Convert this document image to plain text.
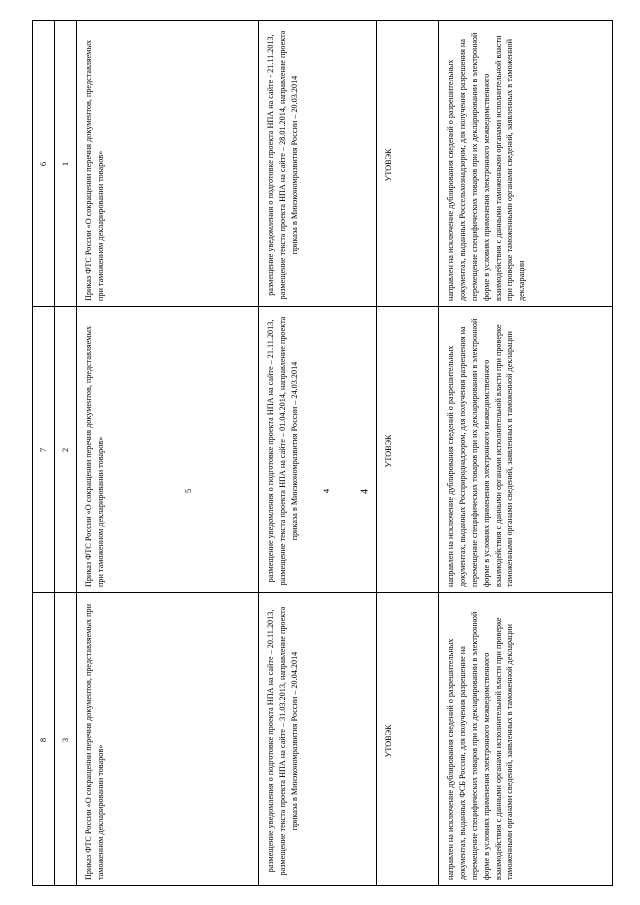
4
6	1	Приказ ФТС России «О сокращении перечня документов, представляемых при таможенном декларировании товаров»	размещение уведомления о подготовке проекта НПА на сайте - 21.11.2013, размещение текста проекта НПА на сайте – 28.01.2014, направление проекта приказа в Минэкономразвития России – 20.03.2014	УТОВЭК	направлен на исключение дублирования сведений о разрешительных документах, выданных Россельхознадзором, для получения разрешения на перемещение специфических товаров при их декларировании в электронной форме в условиях применения электронного межведомственного взаимодействия с данными таможенными органами исполнительной власти при проверке таможенными органами сведений, заявленных в таможенной декларации

7	2	Приказ ФТС России «О сокращении перечня документов, представляемых при таможенном декларировании товаров»	размещение уведомления о подготовке проекта НПА на сайте – 21.11.2013, размещение текста проекта НПА на сайте – 01.04.2014, направление проекта приказа в Минэкономразвития России – 24.03.2014	УТОВЭК	направлен на исключение дублирования сведений о разрешительных документах, выданных Росприроднадзором, для получения разрешения на перемещение специфических товаров при их декларировании в электронной форме в условиях применения электронного межведомственного взаимодействия с данными органами исполнительной власти при проверке таможенными органами сведений, заявленных в таможенной декларации

8	3	Приказ ФТС России «О сокращении перечня документов, представляемых при таможенном декларировании товаров»	размещение уведомления о подготовке проекта НПА на сайте – 20.11.2013, размещение текста проекта НПА на сайте – 31.03.2013, направление проекта приказа в Минэкономразвития России – 20.04.2014	УТОВЭК	направлен на исключение дублирования сведений о разрешительных документах, выданных ФСБ России, для получения разрешение на перемещение специфических товаров при их декларировании в электронной форме в условиях применения электронного межведомственного взаимодействия с данными органами исполнительной власти при проверке таможенными органами сведений, заявленных в таможенной декларации
4
5
